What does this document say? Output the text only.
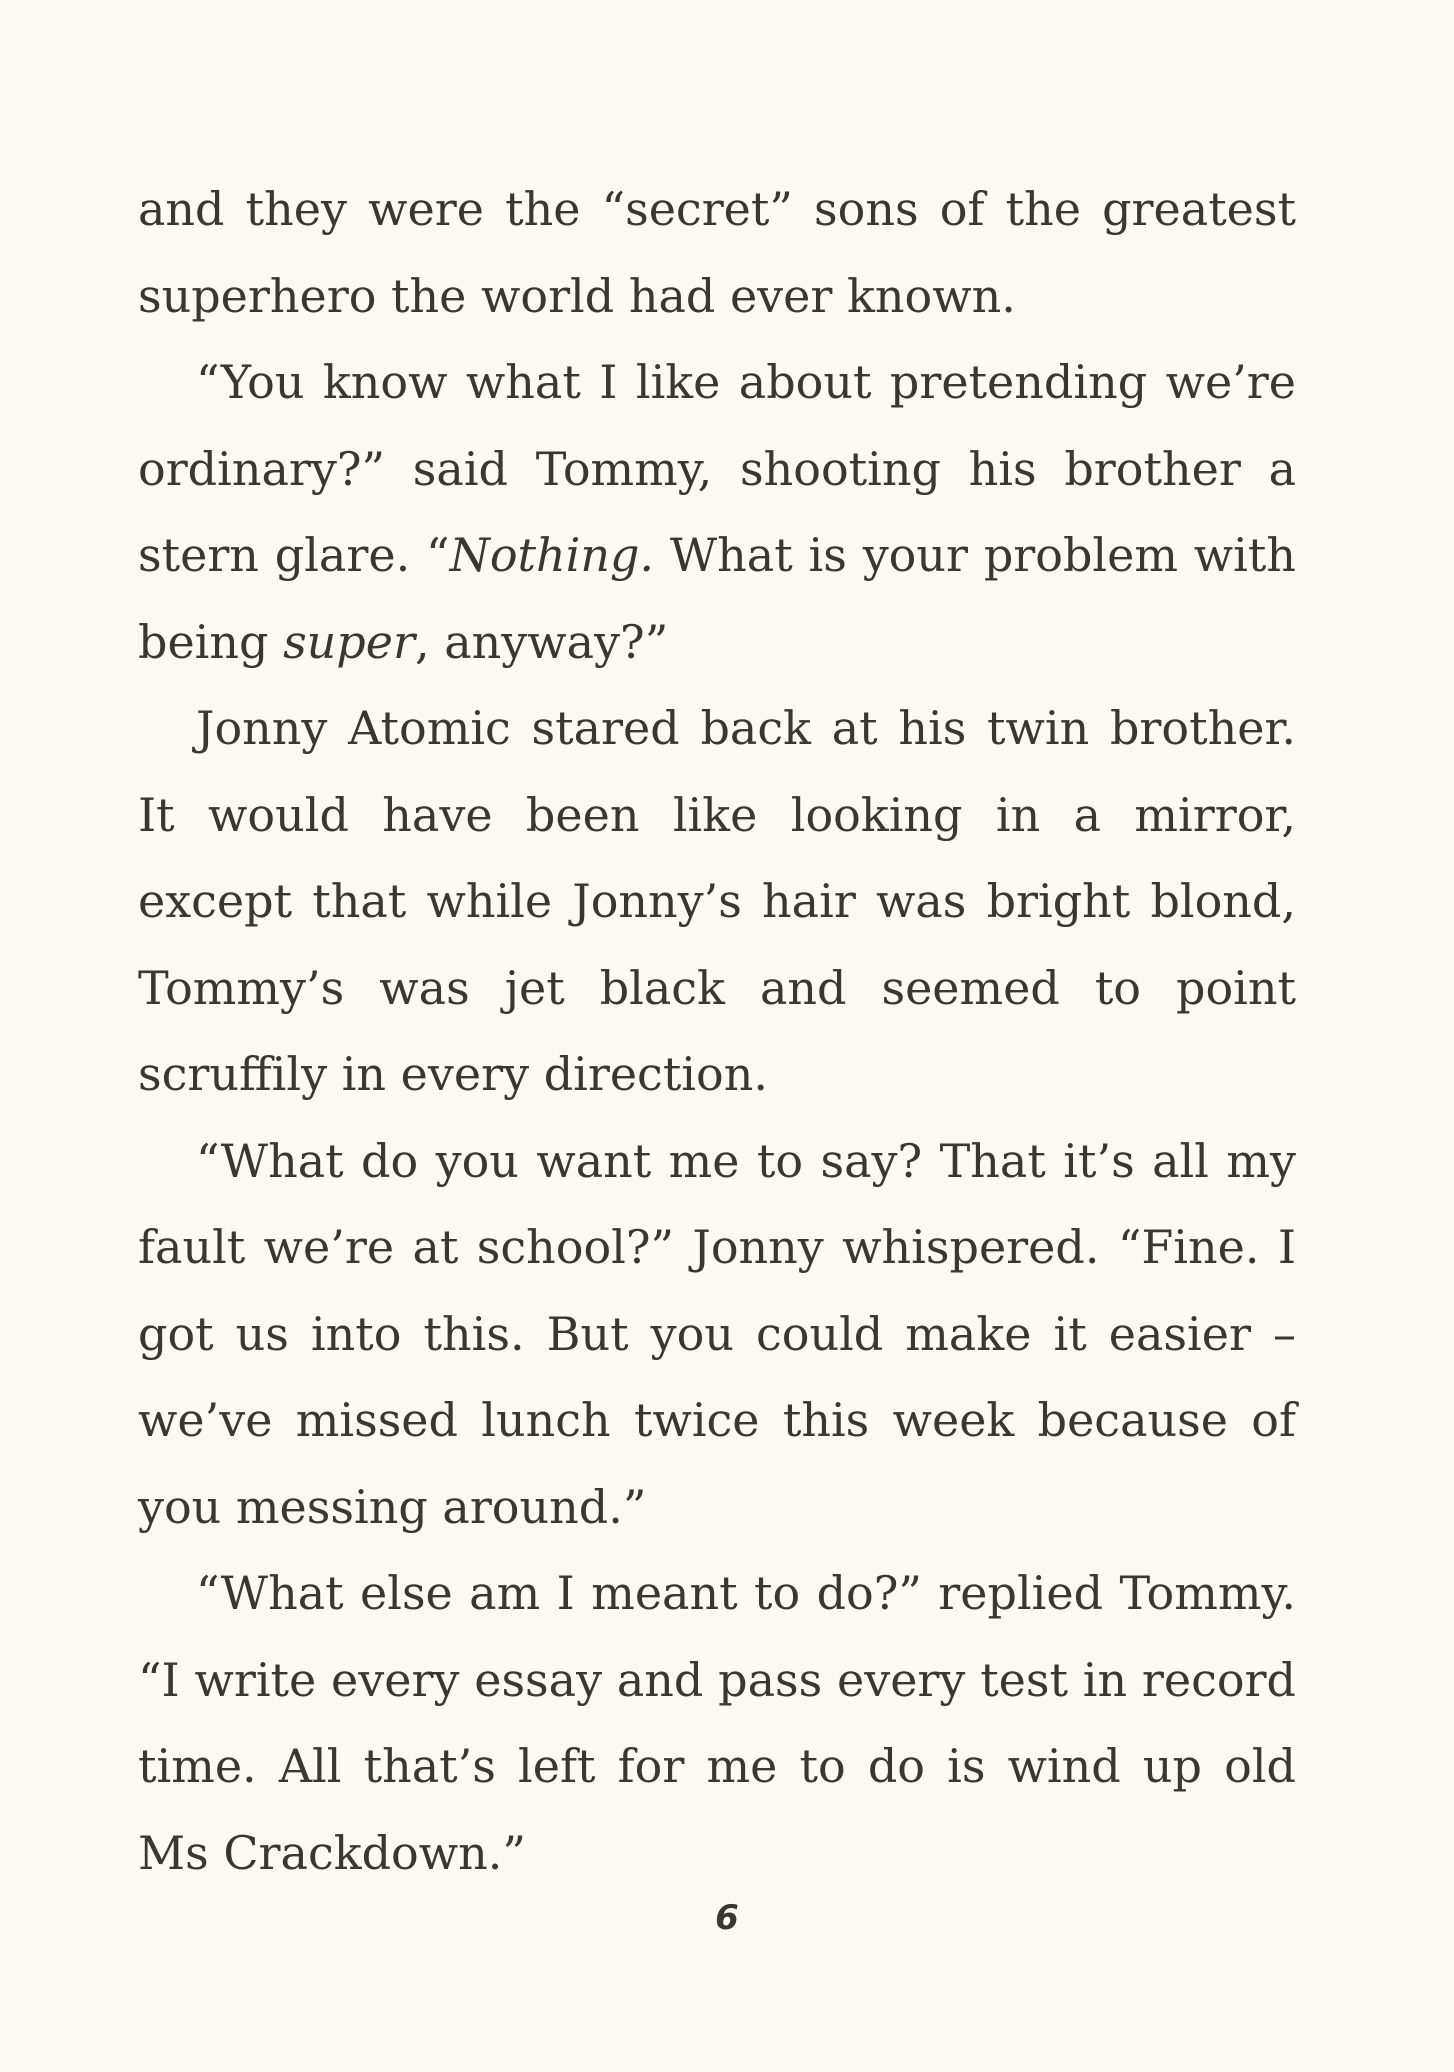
and they were the “secret” sons of the greatest superhero the world had ever known.

“You know what I like about pretending we’re ordinary?” said Tommy, shooting his brother a stern glare. “Nothing. What is your problem with being super, anyway?”

Jonny Atomic stared back at his twin brother. It would have been like looking in a mirror, except that while Jonny’s hair was bright blond, Tommy’s was jet black and seemed to point scruffily in every direction.

“What do you want me to say? That it’s all my fault we’re at school?” Jonny whispered. “Fine. I got us into this. But you could make it easier – we’ve missed lunch twice this week because of you messing around.”

“What else am I meant to do?” replied Tommy. “I write every essay and pass every test in record time. All that’s left for me to do is wind up old Ms Crackdown.”

6
